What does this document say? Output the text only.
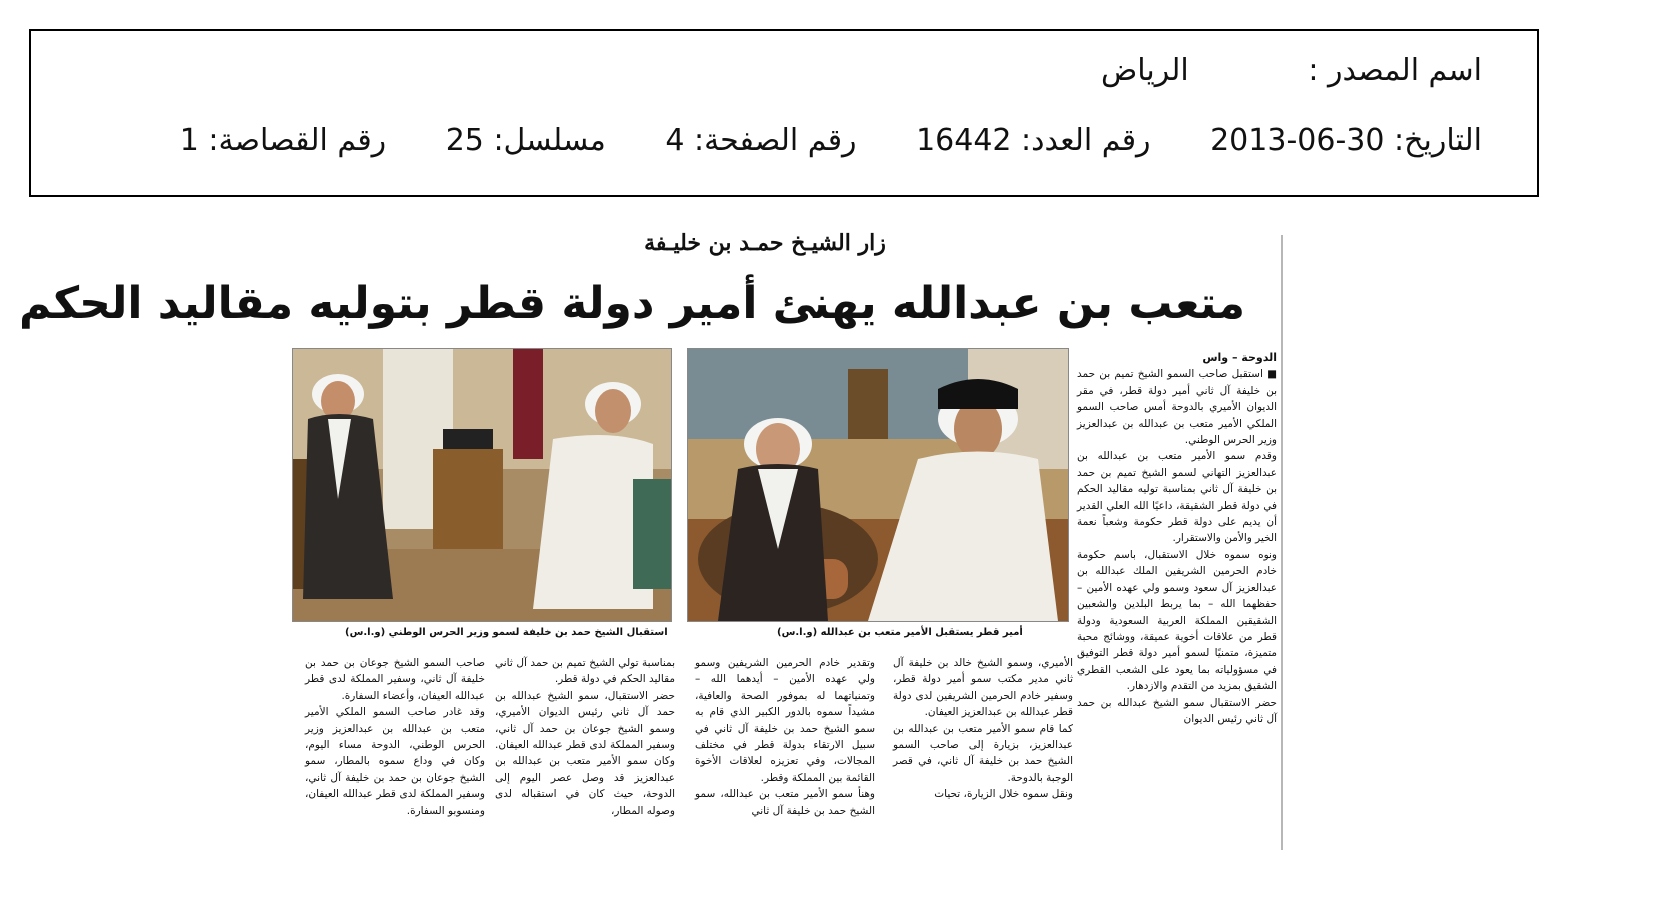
اسم المصدر : الرياض
التاريخ: 30-06-2013 رقم العدد: 16442 رقم الصفحة: 4 مسلسل: 25 رقم القصاصة: 1
زار الشيـخ حمـد بن خليـفة
متعب بن عبدالله يهنئ أمير دولة قطر بتوليه مقاليد الحكم
أمير قطر يستقبل الأمير متعب بن عبدالله (و.ا.س)
استقبال الشيخ حمد بن خليفة لسمو وزير الحرس الوطني (و.ا.س)
الدوحة – واس

■ استقبل صاحب السمو الشيخ تميم بن حمد بن خليفة آل ثاني أمير دولة قطر، في مقر الديوان الأميري بالدوحة أمس صاحب السمو الملكي الأمير متعب بن عبدالله بن عبدالعزيز وزير الحرس الوطني.

وقدم سمو الأمير متعب بن عبدالله بن عبدالعزيز التهاني لسمو الشيخ تميم بن حمد بن خليفة آل ثاني بمناسبة توليه مقاليد الحكم في دولة قطر الشقيقة، داعيًا الله العلي القدير أن يديم على دولة قطر حكومة وشعباً نعمة الخير والأمن والاستقرار.

ونوه سموه خلال الاستقبال، باسم حكومة خادم الحرمين الشريفين الملك عبدالله بن عبدالعزيز آل سعود وسمو ولي عهده الأمين – حفظهما الله – بما يربط البلدين والشعبين الشقيقين المملكة العربية السعودية ودولة قطر من علاقات أخوية عميقة، ووشائج محبة متميزة، متمنيًا لسمو أمير دولة قطر التوفيق في مسؤولياته بما يعود على الشعب القطري الشقيق بمزيد من التقدم والازدهار.

حضر الاستقبال سمو الشيخ عبدالله بن حمد آل ثاني رئيس الديوان

الأميري، وسمو الشيخ خالد بن خليفة آل ثاني مدير مكتب سمو أمير دولة قطر، وسفير خادم الحرمين الشريفين لدى دولة قطر عبدالله بن عبدالعزيز العيفان.

كما قام سمو الأمير متعب بن عبدالله بن عبدالعزيز، بزيارة إلى صاحب السمو الشيخ حمد بن خليفة آل ثاني، في قصر الوجبة بالدوحة.

ونقل سموه خلال الزيارة، تحيات

وتقدير خادم الحرمين الشريفين وسمو ولي عهده الأمين – أيدهما الله – وتمنياتهما له بموفور الصحة والعافية، مشيداً سموه بالدور الكبير الذي قام به سمو الشيخ حمد بن خليفة آل ثاني في سبيل الارتقاء بدولة قطر في مختلف المجالات، وفي تعزيزه لعلاقات الأخوة القائمة بين المملكة وقطر.

وهنأ سمو الأمير متعب بن عبدالله، سمو الشيخ حمد بن خليفة آل ثاني

بمناسبة تولي الشيخ تميم بن حمد آل ثاني مقاليد الحكم في دولة قطر.

حضر الاستقبال، سمو الشيخ عبدالله بن حمد آل ثاني رئيس الديوان الأميري، وسمو الشيخ جوعان بن حمد آل ثاني، وسفير المملكة لدى قطر عبدالله العيفان. وكان سمو الأمير متعب بن عبدالله بن عبدالعزيز قد وصل عصر اليوم إلى الدوحة، حيث كان في استقباله لدى وصوله المطار،

صاحب السمو الشيخ جوعان بن حمد بن خليفة آل ثاني، وسفير المملكة لدى قطر عبدالله العيفان، وأعضاء السفارة.

وقد غادر صاحب السمو الملكي الأمير متعب بن عبدالله بن عبدالعزيز وزير الحرس الوطني، الدوحة مساء اليوم، وكان في وداع سموه بالمطار، سمو الشيخ جوعان بن حمد بن خليفة آل ثاني، وسفير المملكة لدى قطر عبدالله العيفان، ومنسوبو السفارة.
